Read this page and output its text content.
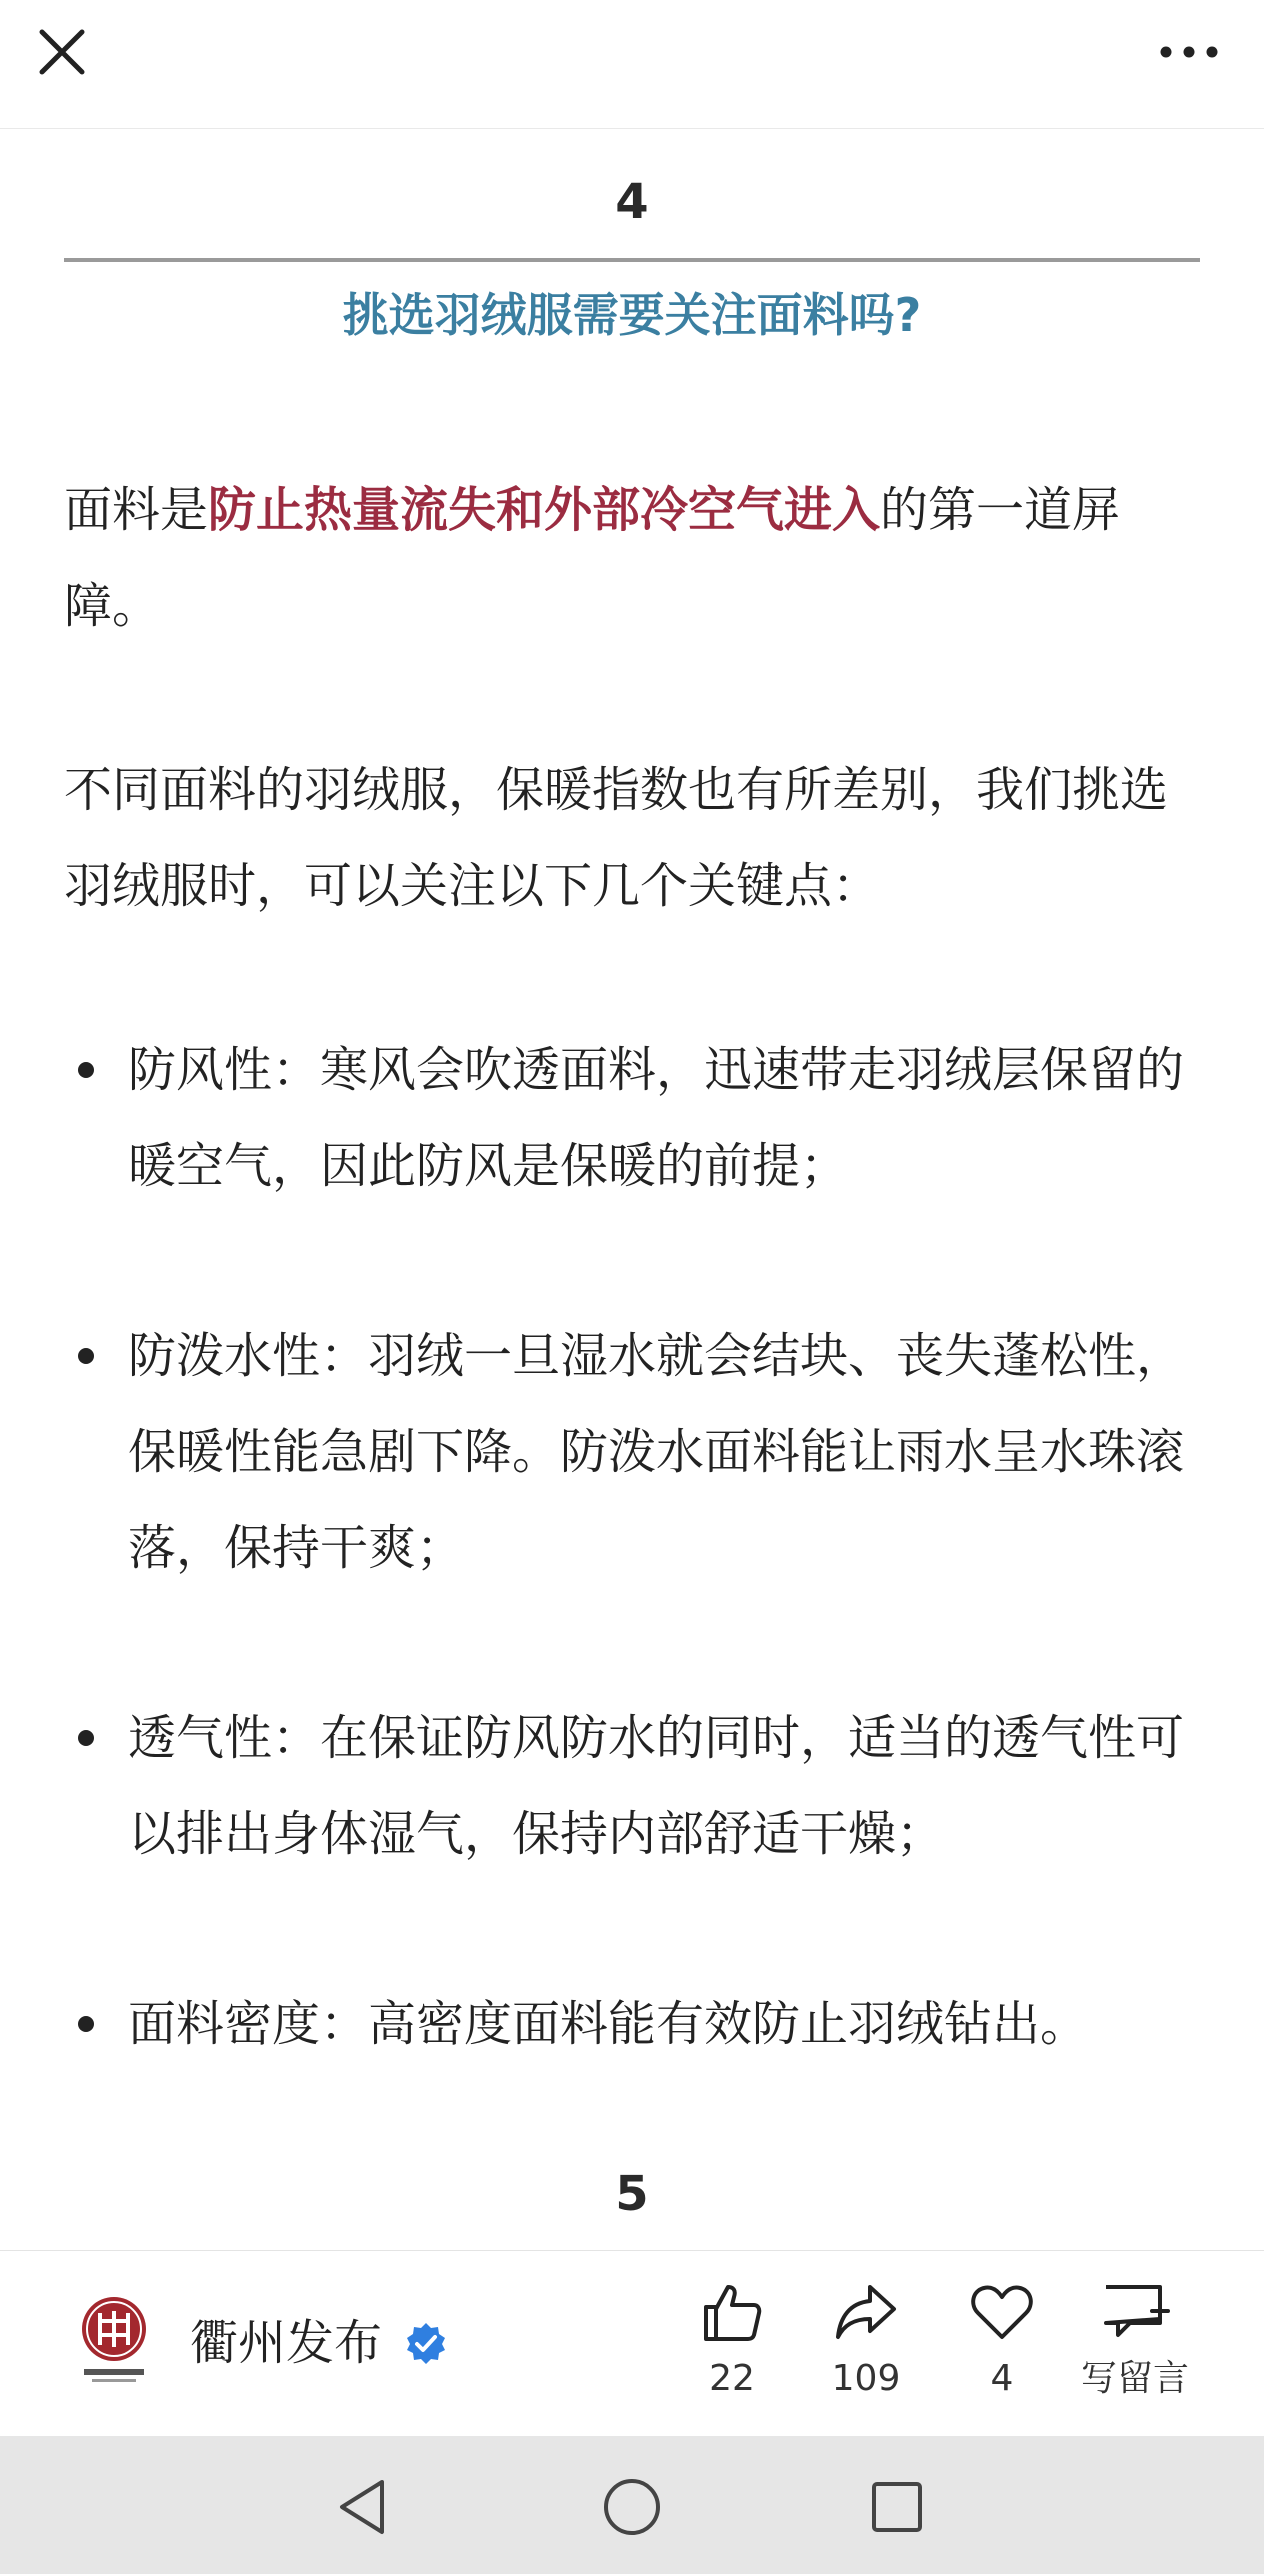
4
挑选羽绒服需要关注面料吗?

面料是防止热量流失和外部冷空气进入的第一道屏障。

不同面料的羽绒服，保暖指数也有所差别，我们挑选羽绒服时，可以关注以下几个关键点：

防风性：寒风会吹透面料，迅速带走羽绒层保留的暖空气，因此防风是保暖的前提；
防泼水性：羽绒一旦湿水就会结块、丧失蓬松性，保暖性能急剧下降。防泼水面料能让雨水呈水珠滚落，保持干爽；
透气性：在保证防风防水的同时，适当的透气性可以排出身体湿气，保持内部舒适干燥；
面料密度：高密度面料能有效防止羽绒钻出。
5
衢州发布
22	109	4	写留言
